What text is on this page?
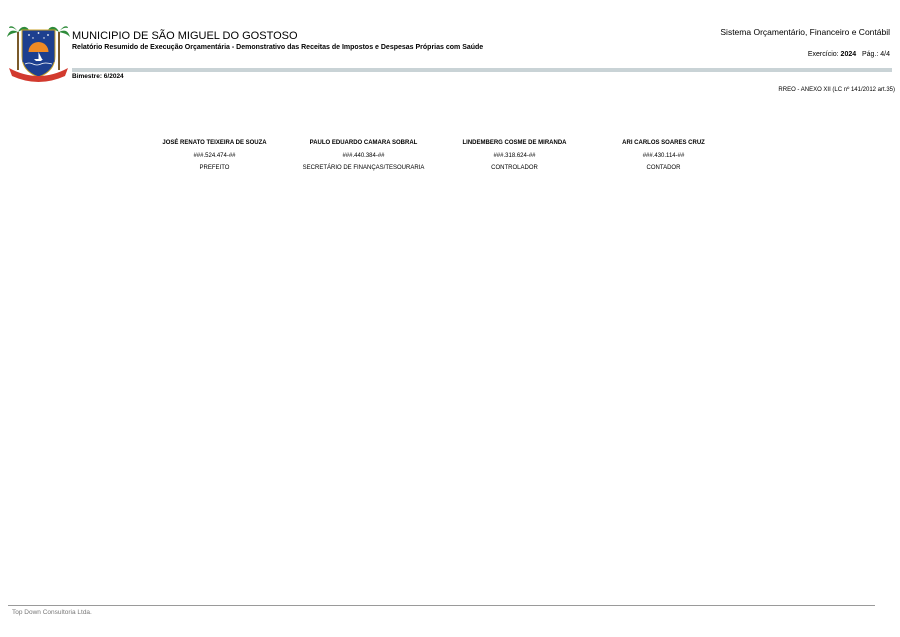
MUNICIPIO DE SÃO MIGUEL DO GOSTOSO
Relatório Resumido de Execução Orçamentária - Demonstrativo das Receitas de Impostos e Despesas Próprias com Saúde
Sistema Orçamentário, Financeiro e Contábil
Exercício: 2024 Pág.: 4/4
Bimestre: 6/2024
RREO - ANEXO XII (LC nº 141/2012 art.35)
JOSÉ RENATO TEIXEIRA DE SOUZA
###.524.474-##
PREFEITO
PAULO EDUARDO CAMARA SOBRAL
###.440.384-##
SECRETÁRIO DE FINANÇAS/TESOURARIA
LINDEMBERG COSME DE MIRANDA
###.318.624-##
CONTROLADOR
ARI CARLOS SOARES CRUZ
###.430.114-##
CONTADOR
Top Down Consultoria Ltda.
